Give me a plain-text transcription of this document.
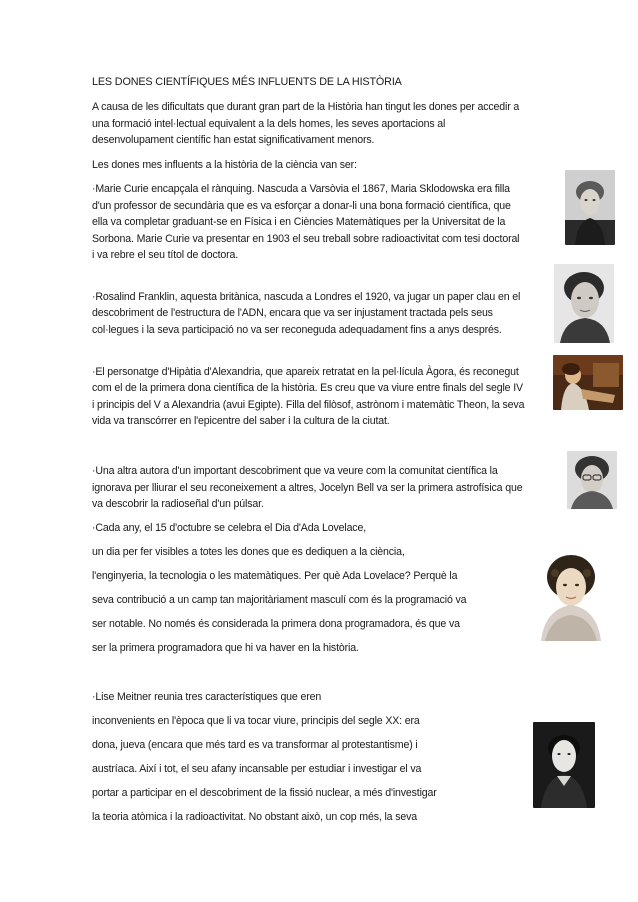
LES DONES CIENTÍFIQUES MÉS INFLUENTS DE LA HISTÒRIA
A causa de les dificultats que durant gran part de la Història han tingut les dones per accedir a
una formació intel·lectual equivalent a la dels homes, les seves aportacions al
desenvolupament científic han estat significativament menors.
Les dones mes influents a la història de la ciència van ser:
·Marie Curie encapçala el rànquing. Nascuda a Varsòvia el 1867, Maria Sklodowska era filla
d'un professor de secundària que es va esforçar a donar-li una bona formació científica, que
ella va completar graduant-se en Física i en Ciències Matemàtiques per la Universitat de la
Sorbona. Marie Curie va presentar en 1903 el seu treball sobre radioactivitat com tesi doctoral
i va rebre el seu títol de doctora.
·Rosalind Franklin, aquesta britànica, nascuda a Londres el 1920, va jugar un paper clau en el
descobriment de l'estructura de l'ADN, encara que va ser injustament tractada pels seus
col·legues i la seva participació no va ser reconeguda adequadament fins a anys després.
·El personatge d'Hipàtia d'Alexandria, que apareix retratat en la pel·lícula Àgora, és reconegut
com el de la primera dona científica de la història. Es creu que va viure entre finals del segle IV
i principis del V a Alexandria (avui Egipte). Filla del filòsof, astrònom i matemàtic Theon, la seva
vida va transcórrer en l'epicentre del saber i la cultura de la ciutat.
·Una altra autora d'un important descobriment que va veure com la comunitat científica la
ignorava per lliurar el seu reconeixement a altres, Jocelyn Bell va ser la primera astrofísica que
va descobrir la radioseñal d'un púlsar.
·Cada any, el 15 d'octubre se celebra el Dia d'Ada Lovelace,
un dia per fer visibles a totes les dones que es dediquen a la ciència,
l'enginyeria, la tecnologia o les matemàtiques. Per què Ada Lovelace? Perquè la
seva contribució a un camp tan majoritàriament masculí com és la programació va
ser notable. No només és considerada la primera dona programadora, és que va
ser la primera programadora que hi va haver en la història.
·Lise Meitner reunia tres característiques que eren
inconvenients en l'època que li va tocar viure, principis del segle XX: era
dona, jueva (encara que més tard es va transformar al protestantisme) i
austríaca. Així i tot, el seu afany incansable per estudiar i investigar el va
portar a participar en el descobriment de la fissió nuclear, a més d'investigar
la teoria atòmica i la radioactivitat. No obstant això, un cop més, la seva
